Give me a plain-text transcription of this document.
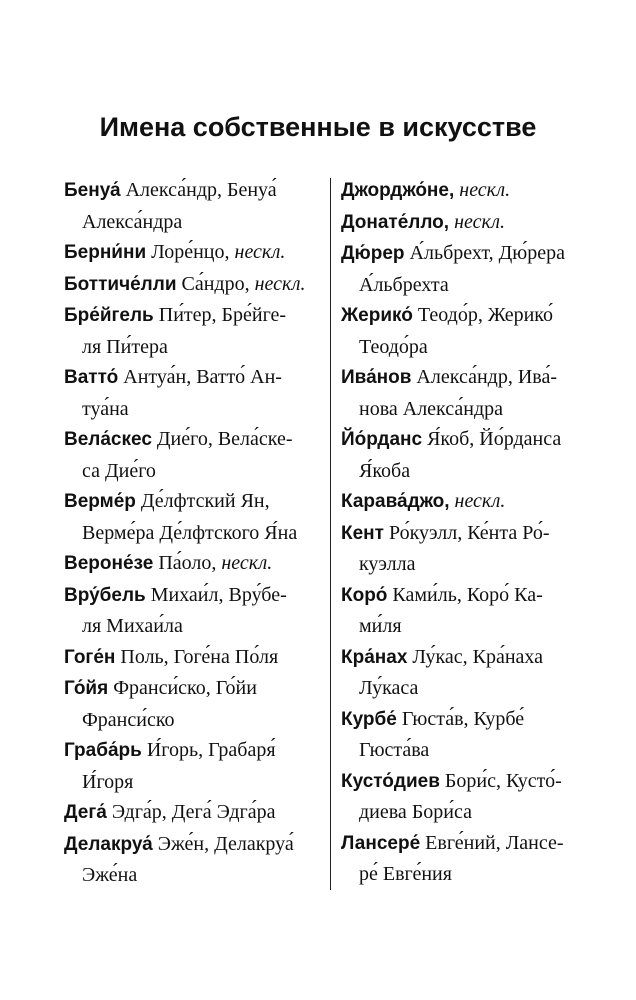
Имена собственные в искусстве
Бенуа́ Алекса́ндр, Бенуа́
Алекса́ндра
Берни́ни Лоре́нцо, нескл.
Боттиче́лли Са́ндро, нескл.
Бре́йгель Пи́тер, Бре́йге-
ля Пи́тера
Ватто́ Антуа́н, Ватто́ Ан-
туа́на
Вела́скес Дие́го, Вела́ске-
са Дие́го
Верме́р Де́лфтский Ян,
Верме́ра Де́лфтского Я́на
Вероне́зе Па́оло, нескл.
Вру́бель Михаи́л, Вру́бе-
ля Михаи́ла
Гоге́н Поль, Гоге́на По́ля
Го́йя Франси́ско, Го́йи
Франси́ско
Граба́рь И́горь, Грабаря́
И́горя
Дега́ Эдга́р, Дега́ Эдга́ра
Делакруа́ Эже́н, Делакруа́
Эже́на
Джорджо́не, нескл.
Донате́лло, нескл.
Дю́рер А́льбрехт, Дю́рера
А́льбрехта
Жерико́ Теодо́р, Жерико́
Теодо́ра
Ива́нов Алекса́ндр, Ива́-
нова Алекса́ндра
Йо́рданс Я́коб, Йо́рданса
Я́коба
Карава́джо, нескл.
Кент Ро́куэлл, Ке́нта Ро́-
куэлла
Коро́ Ками́ль, Коро́ Ка-
ми́ля
Кра́нах Лу́кас, Кра́наха
Лу́каса
Курбе́ Гюста́в, Курбе́
Гюста́ва
Кусто́диев Бори́с, Кусто́-
диева Бори́са
Лансере́ Евге́ний, Лансе-
ре́ Евге́ния
